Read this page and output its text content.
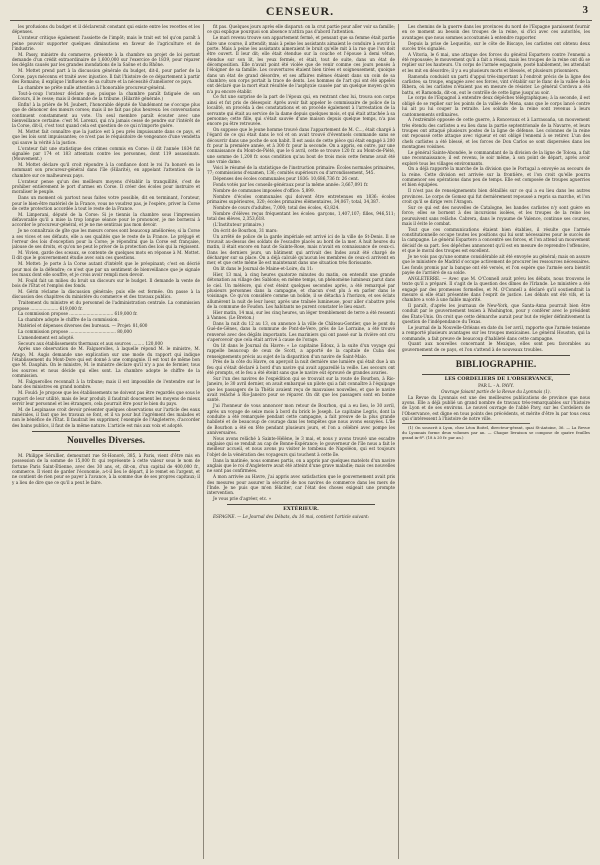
CENSEUR.	3

les profusions du budget et il déclarerait constant qui existe entre les recettes et les dépenses.

L'orateur critique également l'assiette de l'impôt; mais le trait est tel qu'on paraît à peine pouvoir supporter quelques diminutions en faveur de l'agriculture et de l'industrie.

M. Passy, ministre du commerce, présente à la chambre un projet de loi portant demande d'un crédit extraordinaire de 1,600,000 sur l'exercice de 1839, pour réparer les dégâts causés par les grandes inondations de la Saône et du Rhône.

M. Mottet prend part à la discussion générale du budget, dit-il, pour parler de la Corse, pays méconnu et traité avec injustice. Il fait l'histoire de ce département à partir des Romains; il explique l'influence de sa culture et la nécessité d'améliorer ce pays.

La chambre ne prête nulle attention à l'honorable procureur-général.

Tout-à-coup l'orateur déclare que, puisque la chambre paraît fatiguée de son discours, il le cesse; mais il demande de la tribune. (Hilarité générale.)

Enfin! à la prière de M. Joubert, l'honorable député de Vandémont ne s'occupe plus que de dénoncer des mœurs corses; mais il ne fait pas plus heureux: les conversations continuent constamment au vote. Un seul membre paraît écouter avec une bienveillance certaine: c'est M. Lorenzi, qui n'a jamais cessé de pendre sur l'intérêt de la Corse, dit-il, c'est tout quand cela est question de ce qui n'importe guère.

M. Mottet fait connaître que la justice est à peu près impuissante dans ce pays, et que les lois sont impuissantes; ce n'est pas le réquisitoire de vengeance d'une vendetta qui sauve la vérité à la justice.

L'orateur fait une statistique des crimes commis en Corse: il dit l'année 1834 fut signalée par 174 et 183 attentats contre les personnes, dont 119 assassinats. (Mouvement.)

M. Mottet déclare qu'il croit répondre à la confiance dont le roi l'a honoré en le nommant son procureur-général dans l'île (Hilarité), en appelant l'attention de la chambre sur ce malheureux pays.

L'orateur pense qu'un des meilleurs moyens d'établir la tranquillité, c'est de prohiber entièrement le port d'armes en Corse. Il créer des écoles pour instruire et moraliser le peuple.

Dans un moment où partout nous faites votre possible, dit en terminant, l'orateur, pour le bien-être matériel de la France, vous ne voudrez pas, je l'espère, priver la Corse de cette protection accordée à tout le reste de la France.

M. Limperani, député de la Corse: Si je tiennis la chambre sous l'impression défavorable qu'il a mise la trop longue séance pour le prononcer, je me bornerai à accorder le procureur-général, et je ne me sentirais pas mon devoir.

Je ne connaîtrais de gîte que les mœurs corses sont beaucoup améliorées; si la Corse a ses vices et ses défauts, elle a ses qualités que le reste de la France. Le préjugé et l'erreur des lois d'exception pour la Corse; je répondrai que la Corse est française, jalouse de ses droits, et qu'on ne peut le priver de la protection des lois qui la régissent.

M. Vivien, garde des sceaux, se contente de quelques mots en réponse à M. Mottet. Il dit que le gouvernement étudie avec soin ces questions.

M. Mottet: Je porte à la Corse autant d'intérêt que le préopinant; c'est en décrié pour moi de la défendre; ce n'est que par un sentiment de bienveillance que je signale les maux dont elle souffre, et je crois avoir rempli mon devoir.

M. Fould fait un milieu du bruit un discours sur le budget. Il demande la vente de bois de l'État et l'emploi des fonds.

M. Gérin réclame la discussion générale; puis elle est fermée. On passe à la discussion des chapitres du ministère du commerce et des travaux publics.

Traitement du ministre et du personnel de l'administration centrale. La commission propose ..................... 619,000 fr.

La commission propose ................................. 619,000 fr.

La chambre adopte le chiffre de la commission.

Matériel et dépenses diverses des bureaux. — Projet: 81,600

La commission propose ................................... 80,000

L'amendement est adopté.

Secours aux établissements thermaux et aux sources ......... 120,000

Après une observation de M. Falguerolles, à laquelle répond M. le ministre, M. Arago, M. Augis demande une explication sur une mode du rapport qui indique l'établissement du Mont-Dore qui est donné à une compagnie. Il est tout de même bon que M. Dauphin. On le ministre, M. le ministre déclare qu'il n'y a pas de fermier, tous les sources et nous décide qui elles sont. La chambre adopte le chiffre de la commission.

M. Falguerolles reconnaît à la tribune; mais il est impossible de l'entendre sur le banc des ministres en grand nombre.

M. Fould: Je propose que les établissements ne doivent pas être regardés que sous le rapport de leur utilité, mais de leur produit; il faudrait doucement les moyens de mieux servir leur personnel et les étrangers, cela pourrait être pour le bien du pays.

M. de Lespinasse croit devoir présenter quelques observations sur l'article des eaux minérales, il faut que les travaux se font, et il va pour but l'agrément des malades et non le bénéfice de l'État. Il faudrait les supprimer, l'exemple de l'Angleterre, d'accorder des bains publics, il faut de la même nature. L'article est mis aux voix et adopté.

Nouvelles Diverses.

M. Philippe Sérullier, demeurant rue St-Honoré, 385, à Paris, vient d'être mis en possession de la somme de 15,000 fr. qui représente à cette valeur sous le nom de fortune Paris Saint-Étienne, avec des 30 ans, et, dit-on, d'un capital de 400,000 fr., commerce. Il vient de garder l'économie, a-t-il lieu le départ, il le remet en l'argent, et ne contient de rien pour se payer à l'avance, à la somme due de ses propres capitaux; il y a lieu de dire que ce qu'il a peut le faire.

fit pas. Quelques jours après elle disparut: on la crut partie pour aller voir sa famille; ce qui explique pourquoi son absence n'attira pas d'abord l'attention.

Le mari revenu trouve son appartement fermé, et pensant que sa femme était partie faire une course, il attendit; mais à peine les assistants aimaient le conduire à ouvrir la porte. Mais à peine les assistants aimeraient le bruit qu'elle mit à la rue que l'on doit être ouvert. Il leur dit; elle était étendue sur la couche et l'épouse à demi vêtue, étendue sur son lit, les yeux fermés, et était, tout de suite, dans un état de décomposition. Elle n'avait point été violée que de venir comme ces jours pensés à l'éloigner de sa famille. Les couvertures étaient bien tirées et soigneusement, quoique dans un état de grand désordre, et ses affaires mêmes étaient dans un coin de sa chambre; son corps portait la trace de dents. Les hommes de l'art qui ont été appelés ont déclaré que la mort était résultée de l'asphyxie causée par un quelque moyen qu'on n'a pu encore établir.

Ce fut une surprise de la part de l'époux qui, en rentrant chez lui, trouva son corps ainsi et fut pris de désespoir. Après avoir fait appeler le commissaire de police de la localité, on procéda à des constatations et on procède également à l'arrestation de la servante qui était au service de la dame depuis quelques mois, et qui était attachée à sa personne; cette fille, qui s'était sauvée d'une maison depuis quelque temps, n'a pas encore pu être retrouvée.

On suppose que le jeune homme trouvé dans l'appartement de M. C..., était chargé à l'égard de ce qui était dans le vol et on avait trouvé d'éventuels commande sans se découvrir dans une poche de son habit. Il est assis de cette pièce qui était engagé à 200 fr. pour la première année, et à 300 fr. pour la seconde. On a appris, en outre, par une connaissance du Mont-de-Piété, que le 6 avril, cette se trouve 120 fr. au Mont-de-Piété, une somme de 1,200 fr. sous condition qu'au bout de trois mois cette femme avait été une vraie dame.

Voici le résumé de la statistique de l'instruction primaire: Écoles normales primaires, 77; commissions d'examen, 136; comités supérieurs ou d'arrondissement, 545.

Dépenses des écoles communales pour 1836: 10,686,736 fr. 26 cent.

Fonds votés par les conseils-généraux pour la même année: 3,667,091 fr.

Nombre de communes imposées d'office: 5,899.

Nombre d'écoles communales qui doivent être entretenues en 1836: écoles primaires supérieures, 320; écoles primaires élémentaires, 34,067; total, 34,387.

Nombre de cours d'adultes, 7,000; total des écoles, 43,824.

Nombre d'élèves reçus fréquentant les écoles: garçons, 1,407,107; filles, 946,511; total des élèves, 2,353,618.

(L'Instituteur primaire.)

On écrit de Bourbon, 31 mars:

Un arrêté de police de la garde impériale est arrivé ici de la ville de St-Denis. Il se trouvait au-dessus des soldats de l'escadre placés au bord de la mer. À huit heures du matin, il était encore en haut de Sainte-Rose, mais n'avait en connaissance de ceux-ci. Dans les derniers jours, un bâtiment qui arrivait des Indes avait été chargé de décharger sur sa place. On a déjà calculé qu'aucun les membres de ceux-ci arrivent en mer, et que cette même île est maintenant dans une situation très florissante.

On lit dans le Journal de Maine-et-Loire, du 11:

Hier, 13 mai, à cinq heures quatorze minutes du matin, on entendit une grande détonation au village des Sablons; en même temps, un phénomène lumineux parut dans le ciel. Un météore, qui s'est éteint quelques secondes après, a été remarqué par plusieurs personnes dans la campagne, et chacun s'est plu à en parler dans le voisinage. Ce qu'on considère comme un bolide, il se détacha à l'horizon, et ses éclats allumèrent la nuit de leur lueur, après une traînée lumineuse, pour aller s'abattre près de la commune de Foudon. Les habitants ne purent constater le lieu exact.

Hier matin, 14 mai, sur les cinq heures, un léger tremblement de terre a été ressenti à Vannes. (Le Breton.)

Dans la nuit du 12 au 13, on annonce à la ville de Château-Gontier, que le pont du Gué-de-Gênes, dans la commune de Pont-de-Vere, près de Le Lorraine, a été trouvé renversé avec des dégâts importants. Les mariniers qui ont passé sur la rivière ont cru s'apercevoir que cela était arrivé à cause de l'orage.

On lit dans le Journal du Havre: « Le capitaine Edoux, à la suite d'un voyage qui rappelle beaucoup de ceux de Scott, a apporté de la capitale de Cuba des renseignements précis au sujet de la disparition d'un navire de Saint-Malo.

Près de la côte du Havre, on aperçoit la nuit dernière une lumière qui était due à un feu qui s'était déclaré à bord d'un navire qui avait appareillé la veille. Les secours ont été prompts, et le feu a été éteint sans que le navire eût éprouvé de grandes avaries.

Sur l'un des navires de l'expédition qui se trouvait sur la route de Bourbon, à Rio-Janeiro, le 30 avril dernier, on avait embarqué un pilote qui a fait connaître à l'équipage que les passagers de la Thétis avaient reçu de mauvaises nouvelles, et que le navire avait relâché à Rio-Janeiro pour se réparer. On dit que les passagers sont en bonne santé.

J'ai l'honneur de vous annoncer mon retour de Bourbon, qui a eu lieu, le 30 avril, après un voyage de seize mois à bord du brick le Joseph. Le capitaine Legris, dont la conduite a été remarquée pendant cette campagne, a fait preuve de la plus grande habileté et de beaucoup de courage dans les tempêtes que nous avons essuyées. L'île de Bourbon a été en fête pendant plusieurs jours, et l'on a célébré avec pompe les anniversaires.

Nous avons relâché à Sainte-Hélène, le 3 mai, et nous y avons trouvé une escadre anglaise qui se rendait au cap de Bonne-Espérance; le gouverneur de l'île nous a fait le meilleur accueil, et nous avons pu visiter le tombeau de Napoléon, qui est toujours l'objet de la vénération des voyageurs qui touchent à cette île.

Dans la matinée, nous sommes partis, on a appris par quelques matelots d'un navire anglais que le roi d'Angleterre avait été atteint d'une grave maladie; mais ces nouvelles ne sont pas confirmées.

À mon arrivée au Havre, j'ai appris avec satisfaction que le gouvernement avait pris des mesures pour assurer la sécurité de nos navires de commerce dans les mers de l'Inde. Je ne puis que m'en féliciter, car l'état des choses exigeait une prompte intervention.

Je vous prie d'agréer, etc. »

EXTÉRIEUR.

ESPAGNE. — Le Journal des Débats, du 16 mai, contient l'article suivant:

Les chemins de la guerre dans les provinces du nord de l'Espagne paraissent fournir en ce moment au besoin des troupes de la reine, si d'ici avec ces autorités, les avantages que nous sommes accoutumés à entendre rapporter.

Depuis la prise de Lequeitio, sur le côte de Biscaye, les carlistes ont obtenu deux succès très signalés.

A Vitoria, le 6 mai, une attaque des forces du général Espartero contre l'ennemi a été repoussée; le mouvement qu'il a fait a réussi, mais les troupes de la reine ont dû se replier sur les hauteurs. Un corps de l'armée espagnole, posté habilement, les attendait et les mit en désordre; il y a eu plusieurs morts et blessés, et plusieurs prisonniers.

Ramonda conduisit un parti d'appui très-important à l'endroit précis de la ligne des carlistes; sa troupe, engagée avec ses forces, vint s'établir sur le flanc de la vallée de la Ribera, où les carlistes n'étaient pas en mesure de résister. Le général Cordova a été battu, et Ramonda, dit-on, eut le contrôle de cette ligne jusqu'au soir.

Le corps de l'Espagnol à entendre deux dépêches télégraphiques; à la seconde, il est obligé de se replier sur les points de la vallée de Mena, sans que le corps lancé contre lui ait pu lui couper la retraite. Les soldats de la reine sont revenus à leurs cantonnements ordinaires.

A l'extrémité opposée de cette guerre, à Roncevaux et à Larrasoaña, un mouvement très étendu des carlistes a eu lieu dans la partie septentrionale de la Navarre, et leurs troupes ont attaqué plusieurs postes de la ligne de défense. Les colonnes de la reine ont repoussé cette attaque avec vigueur et ont obligé l'ennemi à se retirer. L'un des chefs carlistes a été blessé, et les forces de Don Carlos se sont dispersées dans les montagnes voisines.

Le général Sainte-Abondée, le commandant de la division de la ligne de Tolosa, a fait une reconnaissance; il est revenu, le soir même, à son point de départ, après avoir exploré tous les villages environnants.

On a déjà rapporté la marche de la division que le Portugal a envoyée au secours de la reine. Cette division est arrivée sur la frontière, et l'on croit qu'elle pourra commencer ses opérations dans peu de temps. Elle est composée de troupes aguerries et bien équipées.

Il n'est pas de renseignements bien détaillés sur ce qui a eu lieu dans les autres provinces. Le corps de Gomez qui fut dernièrement repoussé a repris sa marche, et l'on croit qu'il se dirige vers l'Aragon.

Sur ce qui est des nouvelles de Catalogne, les bandes carlistes n'y sont guère en force; elles se bornent à des incursions isolées, et les troupes de la reine les poursuivent sans relâche. Cabrera, dans le royaume de Valence, continue ses courses, mais il évite le combat.

Tout que ces communications étaient bien établies, il résulte que l'armée constitutionnelle occupe toutes les positions qui lui sont nécessaires pour le succès de la campagne. Le général Espartero a concentré ses forces, et l'on attend un mouvement décisif de sa part. Ses dépêches annoncent qu'il est en mesure de reprendre l'offensive, et que le moral des troupes est excellent.

Je ne vois pas qu'une somme considérable ait été envoyée au général; mais on assure que le ministère de Madrid s'occupe activement de procurer les ressources nécessaires. Les fonds promis par la banque ont été versés, et l'on espère que l'armée sera bientôt payée de l'arriéré de sa solde.

ANGLETERRE. — Avec que M. O'Connell avait prévu les débats, nous trouvons le texte qu'il a préparé. Il s'agit de la question des dîmes de l'Irlande. Le ministère a été engagé par des promesses formelles, et M. O'Connell a déclaré qu'il soutiendrait la mesure si elle était présentée dans l'esprit de justice. Les débats ont été vifs, et la chambre a voté à une faible majorité.

Il paraît, d'après les journaux de New-York, que Santa-Anna pourrait bien être conduit par le gouvernement texien à Washington, pour y conférer avec le président des États-Unis. On croit que cette démarche aurait pour but de régler définitivement la question de l'indépendance du Texas.

Le journal de la Nouvelle-Orléans en date du 1er avril, rapporte que l'armée texienne a remporté plusieurs avantages sur les troupes mexicaines. Le général Houston, qui la commande, a fait preuve de beaucoup d'habileté dans cette campagne.

Quant aux nouvelles concernant le Mexique, elles sont peu favorables au gouvernement de ce pays, et l'on s'attend à de nouveaux troubles.

BIBLIOGRAPHIE.

LES CORDELIERS DE L'OBSERVANCE,

PAR L. - A. PAVY.

Ouvrage faisant partie de la Revue du Lyonnais (1).

La Revue du Lyonnais est une des meilleures publications de province que nous ayons. Elle a déjà publié un grand nombre de travaux très-remarquables sur l'histoire de Lyon et de ses environs. Le nouvel ouvrage de l'abbé Pavy, sur les Cordeliers de l'Observance, est digne en tous points des précédents, et mérite d'être lu par tous ceux qui s'intéressent à l'histoire de notre ville.

(1) On souscrit à Lyon, chez Léon Boitel, directeur-gérant, quai St-Antoine, 36. — La Revue du Lyonnais forme deux volumes par an. — Chaque livraison se compose de quatre feuilles grand in-8º. (18 à 20 fr. par an.)
